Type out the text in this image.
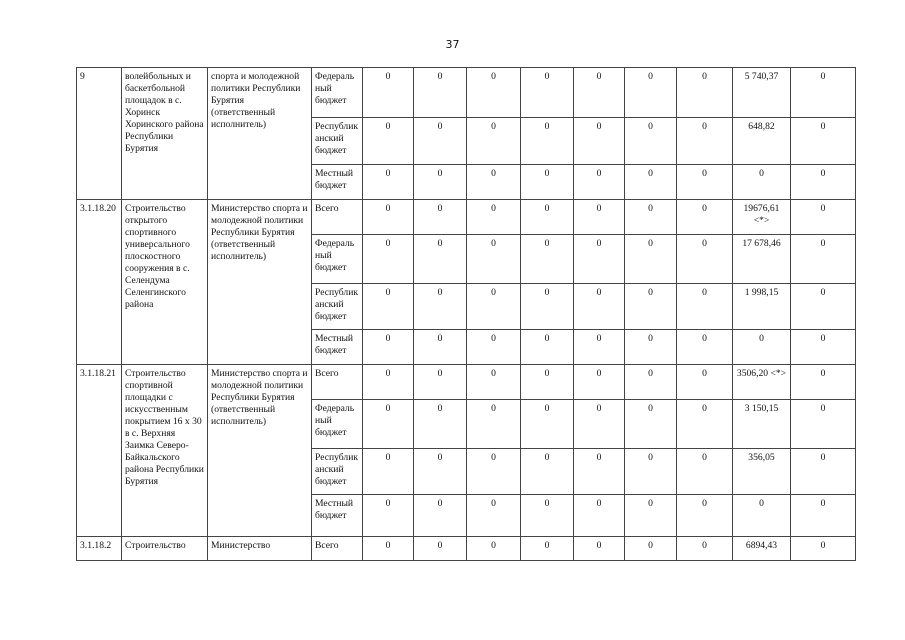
37
9	волейбольных и баскетбольной площадок в с. Хоринск Хоринского района Республики Бурятия	спорта и молодежной политики Республики Бурятия (ответственный исполнитель)	Федеральный бюджет	0	0	0	0	0	0	0	5 740,37	0
			Республиканский бюджет	0	0	0	0	0	0	0	648,82	0
			Местный бюджет	0	0	0	0	0	0	0	0	0
3.1.18.20	Строительство открытого спортивного универсального плоскостного сооружения в с. Селендума Селенгинского района	Министерство спорта и молодежной политики Республики Бурятия (ответственный исполнитель)	Всего	0	0	0	0	0	0	0	19676,61 <*>	0
			Федеральный бюджет	0	0	0	0	0	0	0	17 678,46	0
			Республиканский бюджет	0	0	0	0	0	0	0	1 998,15	0
			Местный бюджет	0	0	0	0	0	0	0	0	0
3.1.18.21	Строительство спортивной площадки с искусственным покрытием 16 х 30 в с. Верхняя Заимка Северо-Байкальского района Республики Бурятия	Министерство спорта и молодежной политики Республики Бурятия (ответственный исполнитель)	Всего	0	0	0	0	0	0	0	3506,20 <*>	0
			Федеральный бюджет	0	0	0	0	0	0	0	3 150,15	0
			Республиканский бюджет	0	0	0	0	0	0	0	356,05	0
			Местный бюджет	0	0	0	0	0	0	0	0	0
3.1.18.2	Строительство	Министерство	Всего	0	0	0	0	0	0	0	6894,43	0
